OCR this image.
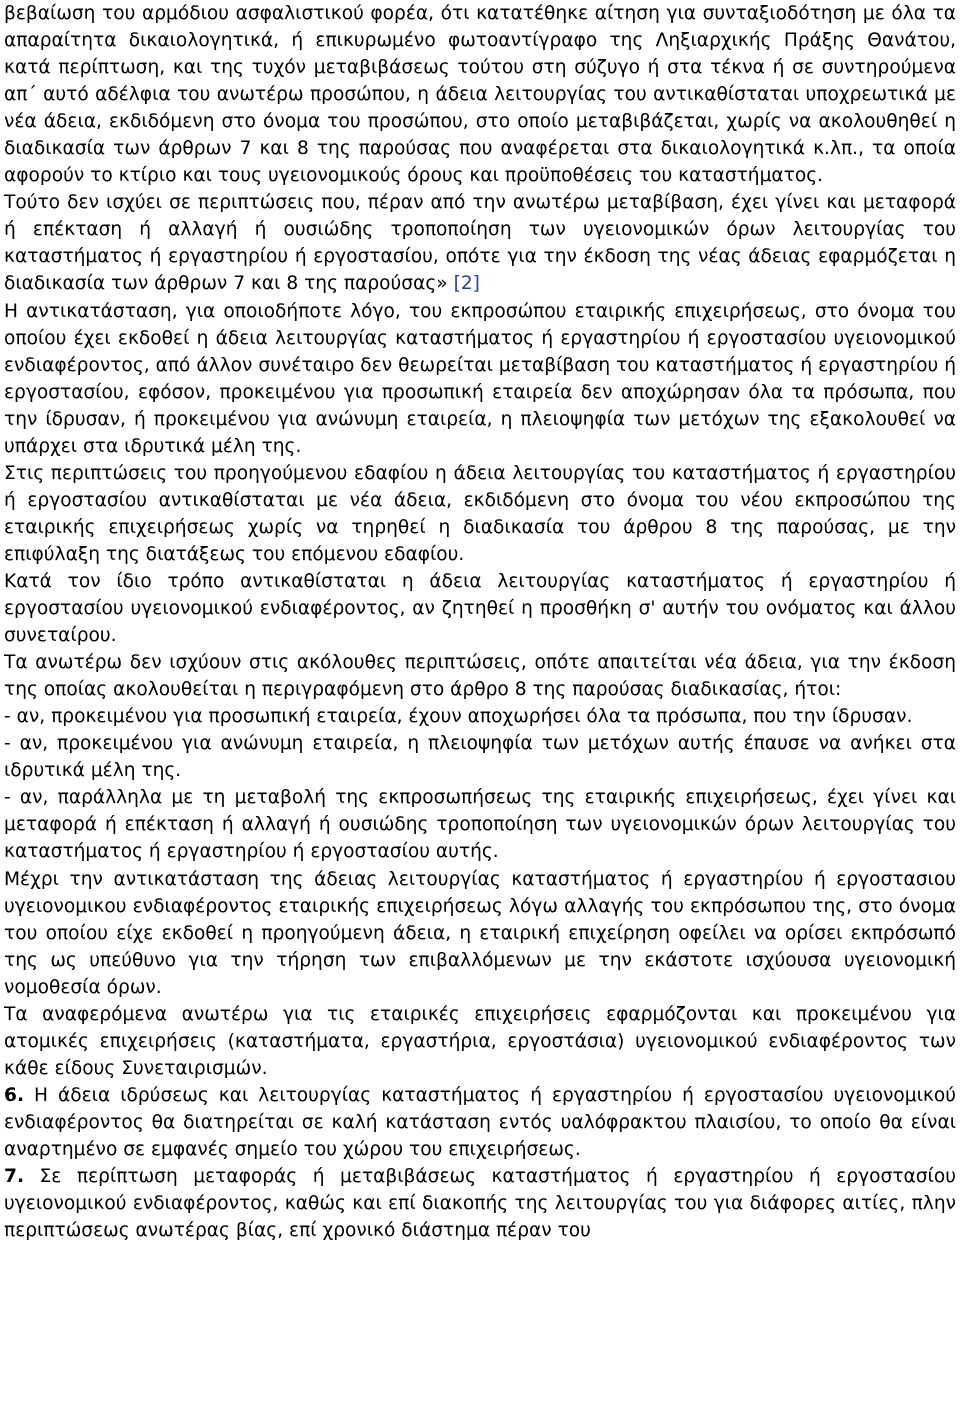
βεβαίωση του αρμόδιου ασφαλιστικού φορέα, ότι κατατέθηκε αίτηση για συνταξιοδότηση με όλα τα απαραίτητα δικαιολογητικά, ή επικυρωμένο φωτοαντίγραφο της Ληξιαρχικής Πράξης Θανάτου, κατά περίπτωση, και της τυχόν μεταβιβάσεως τούτου στη σύζυγο ή στα τέκνα ή σε συντηρούμενα απ΄ αυτό αδέλφια του ανωτέρω προσώπου, η άδεια λειτουργίας του αντικαθίσταται υποχρεωτικά με νέα άδεια, εκδιδόμενη στο όνομα του προσώπου, στο οποίο μεταβιβάζεται, χωρίς να ακολουθηθεί η διαδικασία των άρθρων 7 και 8 της παρούσας που αναφέρεται στα δικαιολογητικά κ.λπ., τα οποία αφορούν το κτίριο και τους υγειονομικούς όρους και προϋποθέσεις του καταστήματος.

Τούτο δεν ισχύει σε περιπτώσεις που, πέραν από την ανωτέρω μεταβίβαση, έχει γίνει και μεταφορά ή επέκταση ή αλλαγή ή ουσιώδης τροποποίηση των υγειονομικών όρων λειτουργίας του καταστήματος ή εργαστηρίου ή εργοστασίου, οπότε για την έκδοση της νέας άδειας εφαρμόζεται η διαδικασία των άρθρων 7 και 8 της παρούσας» [2]

Η αντικατάσταση, για οποιοδήποτε λόγο, του εκπροσώπου εταιρικής επιχειρήσεως, στο όνομα του οποίου έχει εκδοθεί η άδεια λειτουργίας καταστήματος ή εργαστηρίου ή εργοστασίου υγειονομικού ενδιαφέροντος, από άλλον συνέταιρο δεν θεωρείται μεταβίβαση του καταστήματος ή εργαστηρίου ή εργοστασίου, εφόσον, προκειμένου για προσωπική εταιρεία δεν αποχώρησαν όλα τα πρόσωπα, που την ίδρυσαν, ή προκειμένου για ανώνυμη εταιρεία, η πλειοψηφία των μετόχων της εξακολουθεί να υπάρχει στα ιδρυτικά μέλη της.

Στις περιπτώσεις του προηγούμενου εδαφίου η άδεια λειτουργίας του καταστήματος ή εργαστηρίου ή εργοστασίου αντικαθίσταται με νέα άδεια, εκδιδόμενη στο όνομα του νέου εκπροσώπου της εταιρικής επιχειρήσεως χωρίς να τηρηθεί η διαδικασία του άρθρου 8 της παρούσας, με την επιφύλαξη της διατάξεως του επόμενου εδαφίου.

Κατά τον ίδιο τρόπο αντικαθίσταται η άδεια λειτουργίας καταστήματος ή εργαστηρίου ή εργοστασίου υγειονομικού ενδιαφέροντος, αν ζητηθεί η προσθήκη σ' αυτήν του ονόματος και άλλου συνεταίρου.

Τα ανωτέρω δεν ισχύουν στις ακόλουθες περιπτώσεις, οπότε απαιτείται νέα άδεια, για την έκδοση της οποίας ακολουθείται η περιγραφόμενη στο άρθρο 8 της παρούσας διαδικασίας, ήτοι:

- αν, προκειμένου για προσωπική εταιρεία, έχουν αποχωρήσει όλα τα πρόσωπα, που την ίδρυσαν.

- αν, προκειμένου για ανώνυμη εταιρεία, η πλειοψηφία των μετόχων αυτής έπαυσε να ανήκει στα ιδρυτικά μέλη της.

- αν, παράλληλα με τη μεταβολή της εκπροσωπήσεως της εταιρικής επιχειρήσεως, έχει γίνει και μεταφορά ή επέκταση ή αλλαγή ή ουσιώδης τροποποίηση των υγειονομικών όρων λειτουργίας του καταστήματος ή εργαστηρίου ή εργοστασίου αυτής.

Μέχρι την αντικατάσταση της άδειας λειτουργίας καταστήματος ή εργαστηρίου ή εργοστασιου υγειονομικου ενδιαφέροντος εταιρικής επιχειρήσεως λόγω αλλαγής του εκπρόσωπου της, στο όνομα του οποίου είχε εκδοθεί η προηγούμενη άδεια, η εταιρική επιχείρηση οφείλει να ορίσει εκπρόσωπό της ως υπεύθυνο για την τήρηση των επιβαλλόμενων με την εκάστοτε ισχύουσα υγειονομική νομοθεσία όρων.

Τα αναφερόμενα ανωτέρω για τις εταιρικές επιχειρήσεις εφαρμόζονται και προκειμένου για ατομικές επιχειρήσεις (καταστήματα, εργαστήρια, εργοστάσια) υγειονομικού ενδιαφέροντος των κάθε είδους Συνεταιρισμών.

6. Η άδεια ιδρύσεως και λειτουργίας καταστήματος ή εργαστηρίου ή εργοστασίου υγειονομικού ενδιαφέροντος θα διατηρείται σε καλή κατάσταση εντός υαλόφρακτου πλαισίου, το οποίο θα είναι αναρτημένο σε εμφανές σημείο του χώρου του επιχειρήσεως.

7. Σε περίπτωση μεταφοράς ή μεταβιβάσεως καταστήματος ή εργαστηρίου ή εργοστασίου υγειονομικού ενδιαφέροντος, καθώς και επί διακοπής της λειτουργίας του για διάφορες αιτίες, πλην περιπτώσεως ανωτέρας βίας, επί χρονικό διάστημα πέραν του
